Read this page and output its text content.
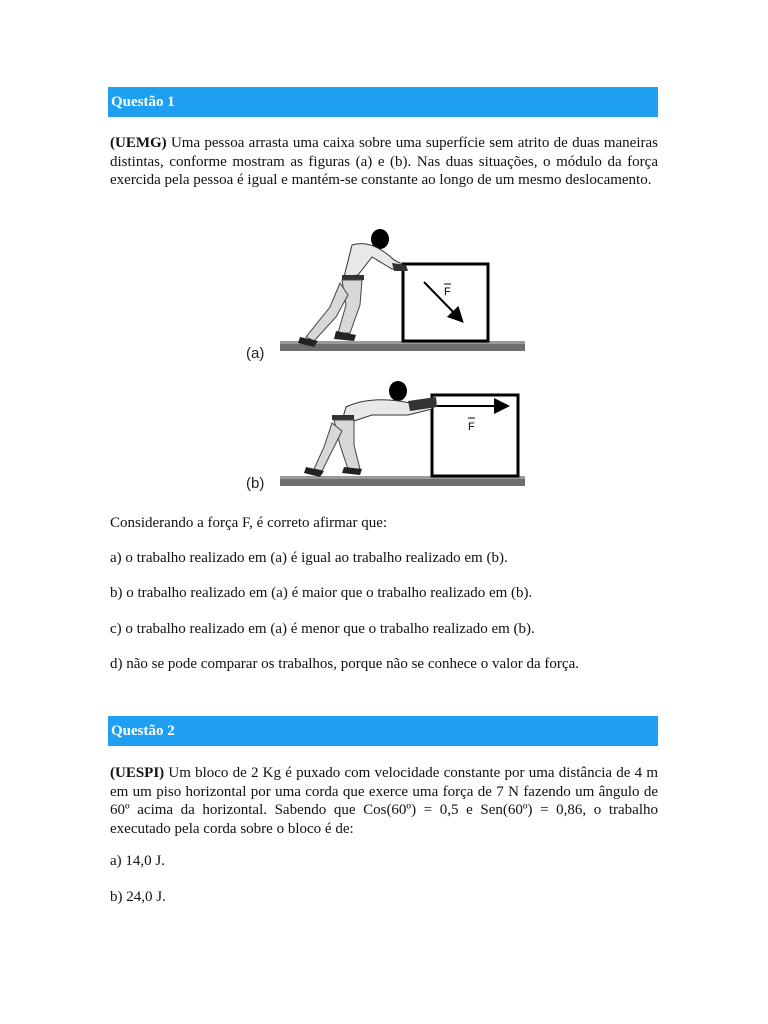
Questão 1
(UEMG) Uma pessoa arrasta uma caixa sobre uma superfície sem atrito de duas maneiras distintas, conforme mostram as figuras (a) e (b). Nas duas situações, o módulo da força exercida pela pessoa é igual e mantém-se constante ao longo de um mesmo deslocamento.
F
(a)
F
(b)
Considerando a força F, é correto afirmar que:
a) o trabalho realizado em (a) é igual ao trabalho realizado em (b).
b) o trabalho realizado em (a) é maior que o trabalho realizado em (b).
c) o trabalho realizado em (a) é menor que o trabalho realizado em (b).
d) não se pode comparar os trabalhos, porque não se conhece o valor da força.
Questão 2
(UESPI) Um bloco de 2 Kg é puxado com velocidade constante por uma distância de 4 m em um piso horizontal por uma corda que exerce uma força de 7 N fazendo um ângulo de 60º acima da horizontal. Sabendo que Cos(60º) = 0,5 e Sen(60º) = 0,86, o trabalho executado pela corda sobre o bloco é de:
a) 14,0 J.
b) 24,0 J.
